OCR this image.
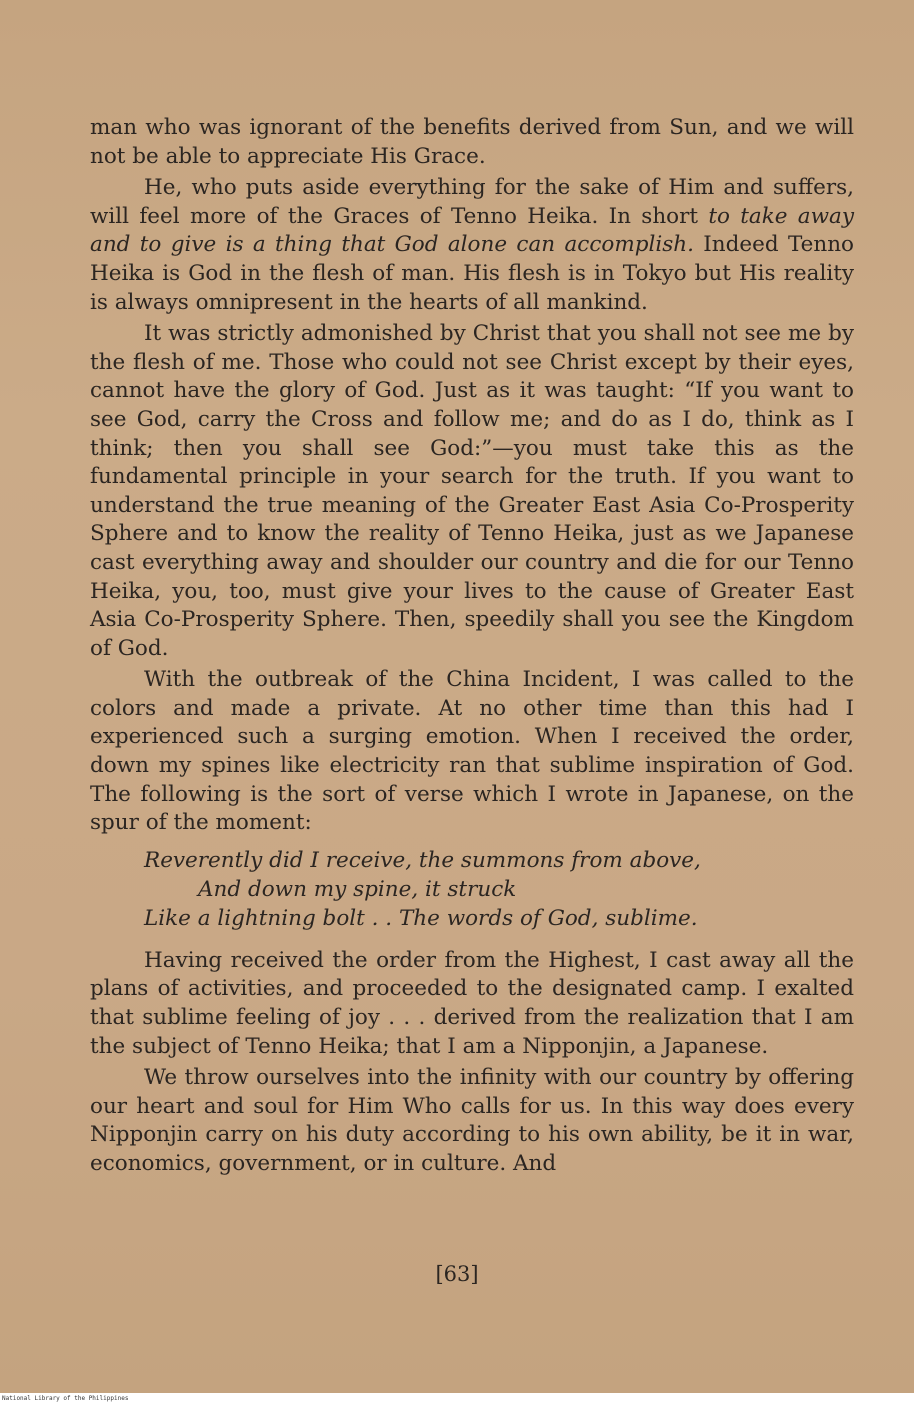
man who was ignorant of the benefits derived from Sun, and we will not be able to appreciate His Grace.

He, who puts aside everything for the sake of Him and suffers, will feel more of the Graces of Tenno Heika. In short to take away and to give is a thing that God alone can accomplish. Indeed Tenno Heika is God in the flesh of man. His flesh is in Tokyo but His reality is always omnipresent in the hearts of all mankind.

It was strictly admonished by Christ that you shall not see me by the flesh of me. Those who could not see Christ except by their eyes, cannot have the glory of God. Just as it was taught: “If you want to see God, carry the Cross and follow me; and do as I do, think as I think; then you shall see God:”—you must take this as the fundamental principle in your search for the truth. If you want to understand the true meaning of the Greater East Asia Co-Prosperity Sphere and to know the reality of Tenno Heika, just as we Japanese cast everything away and shoulder our country and die for our Tenno Heika, you, too, must give your lives to the cause of Greater East Asia Co-Prosperity Sphere. Then, speedily shall you see the Kingdom of God.

With the outbreak of the China Incident, I was called to the colors and made a private. At no other time than this had I experienced such a surging emotion. When I received the order, down my spines like electricity ran that sublime inspiration of God. The following is the sort of verse which I wrote in Japanese, on the spur of the moment:

Reverently did I receive, the summons from above,
And down my spine, it struck
Like a lightning bolt . . The words of God, sublime.

Having received the order from the Highest, I cast away all the plans of activities, and proceeded to the designated camp. I exalted that sublime feeling of joy . . . derived from the realization that I am the subject of Tenno Heika; that I am a Nipponjin, a Japanese.

We throw ourselves into the infinity with our country by offering our heart and soul for Him Who calls for us. In this way does every Nipponjin carry on his duty according to his own ability, be it in war, economics, government, or in culture. And

[63]
National Library of the Philippines
